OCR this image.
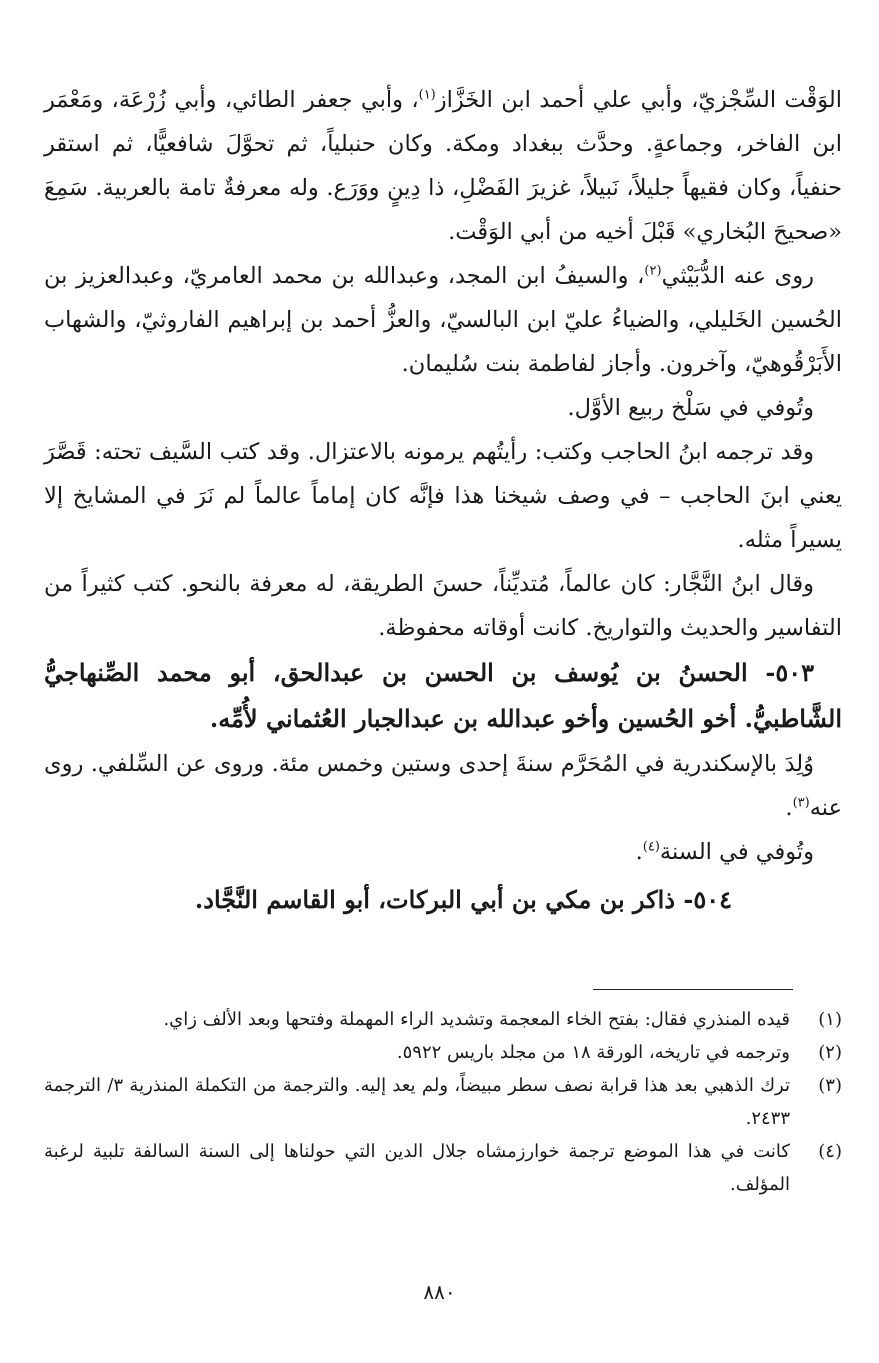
الوَقْت السِّجْزيّ، وأبي علي أحمد ابن الخَزَّاز$^{(١)}$، وأبي جعفر الطائي، وأبي زُرْعَة، ومَعْمَر ابن الفاخر، وجماعةٍ. وحدَّث ببغداد ومكة. وكان حنبلياً، ثم تحوَّلَ شافعيًّا، ثم استقر حنفياً، وكان فقيهاً جليلاً، نَبيلاً، غزيرَ الفَضْلِ، ذا دِينٍ ووَرَع. وله معرفةٌ تامة بالعربية. سَمِعَ «صحيحَ البُخاري» قَبْلَ أخيه من أبي الوَقْت.

روى عنه الدُّبَيْثي$^{(٢)}$، والسيفُ ابن المجد، وعبدالله بن محمد العامريّ، وعبدالعزيز بن الحُسين الخَليلي، والضياءُ عليّ ابن البالسيّ، والعزُّ أحمد بن إبراهيم الفاروثيّ، والشهاب الأَبَرْقُوهيّ، وآخرون. وأجاز لفاطمة بنت سُليمان.

وتُوفي في سَلْخ ربيع الأوَّل.

وقد ترجمه ابنُ الحاجب وكتب: رأيتُهم يرمونه بالاعتزال. وقد كتب السَّيف تحته: قَصَّرَ يعني ابنَ الحاجب – في وصف شيخنا هذا فإنَّه كان إماماً عالماً لم نَرَ في المشايخ إلا يسيراً مثله.

وقال ابنُ النَّجَّار: كان عالماً، مُتديِّناً، حسنَ الطريقة، له معرفة بالنحو. كتب كثيراً من التفاسير والحديث والتواريخ. كانت أوقاته محفوظة.

٥٠٣- الحسنُ بن يُوسف بن الحسن بن عبدالحق، أبو محمد الصِّنهاجيُّ الشَّاطبيُّ. أخو الحُسين وأخو عبدالله بن عبدالجبار العُثماني لأُمِّه.

وُلِدَ بالإسكندرية في المُحَرَّم سنةَ إحدى وستين وخمس مئة. وروى عن السِّلفي. روى عنه$^{(٣)}$.

وتُوفي في السنة$^{(٤)}$.

٥٠٤- ذاكر بن مكي بن أبي البركات، أبو القاسم النَّجَّاد.

(١)
قيده المنذري فقال: بفتح الخاء المعجمة وتشديد الراء المهملة وفتحها وبعد الألف زاي.
(٢)
وترجمه في تاريخه، الورقة ١٨ من مجلد باريس ٥٩٢٢.
(٣)
ترك الذهبي بعد هذا قرابة نصف سطر مبيضاً، ولم يعد إليه. والترجمة من التكملة المنذرية ٣/ الترجمة ٢٤٣٣.
(٤)
كانت في هذا الموضع ترجمة خوارزمشاه جلال الدين التي حولناها إلى السنة السالفة تلبية لرغبة المؤلف.
٨٨٠
